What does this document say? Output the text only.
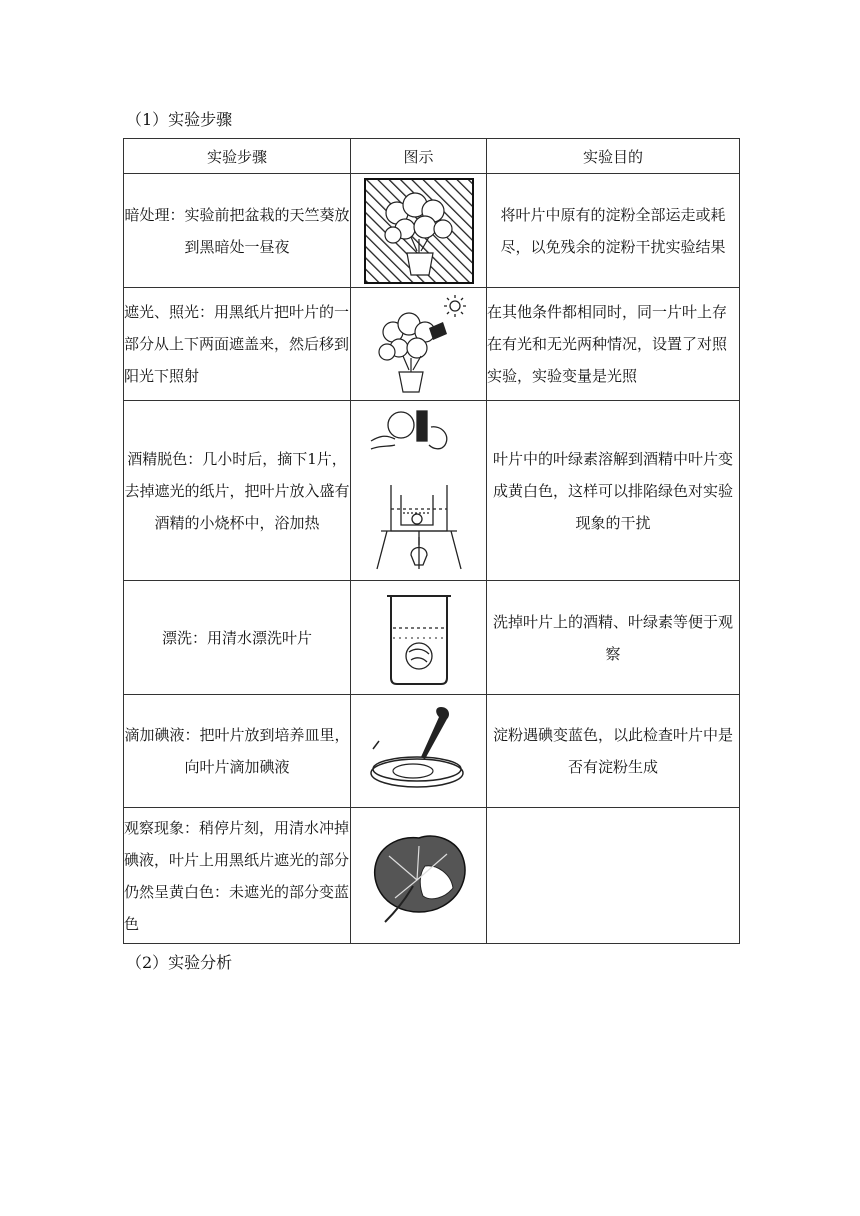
（1）实验步骤
实验步骤	图示	实验目的
暗处理：实验前把盆栽的天竺葵放到黑暗处一昼夜		将叶片中原有的淀粉全部运走或耗尽，以免残余的淀粉干扰实验结果
遮光、照光：用黑纸片把叶片的一部分从上下两面遮盖来，然后移到阳光下照射		在其他条件都相同时，同一片叶上存在有光和无光两种情况，设置了对照实验，实验变量是光照
酒精脱色：几小时后，摘下1片，去掉遮光的纸片，把叶片放入盛有酒精的小烧杯中，浴加热		叶片中的叶绿素溶解到酒精中叶片变成黄白色，这样可以排陷绿色对实验现象的干扰
漂洗：用清水漂洗叶片		洗掉叶片上的酒精、叶绿素等便于观察
滴加碘液：把叶片放到培养皿里，向叶片滴加碘液		淀粉遇碘变蓝色，以此检查叶片中是否有淀粉生成
观察现象：稍停片刻，用清水冲掉碘液，叶片上用黑纸片遮光的部分仍然呈黄白色：未遮光的部分变蓝色	

（2）实验分析
